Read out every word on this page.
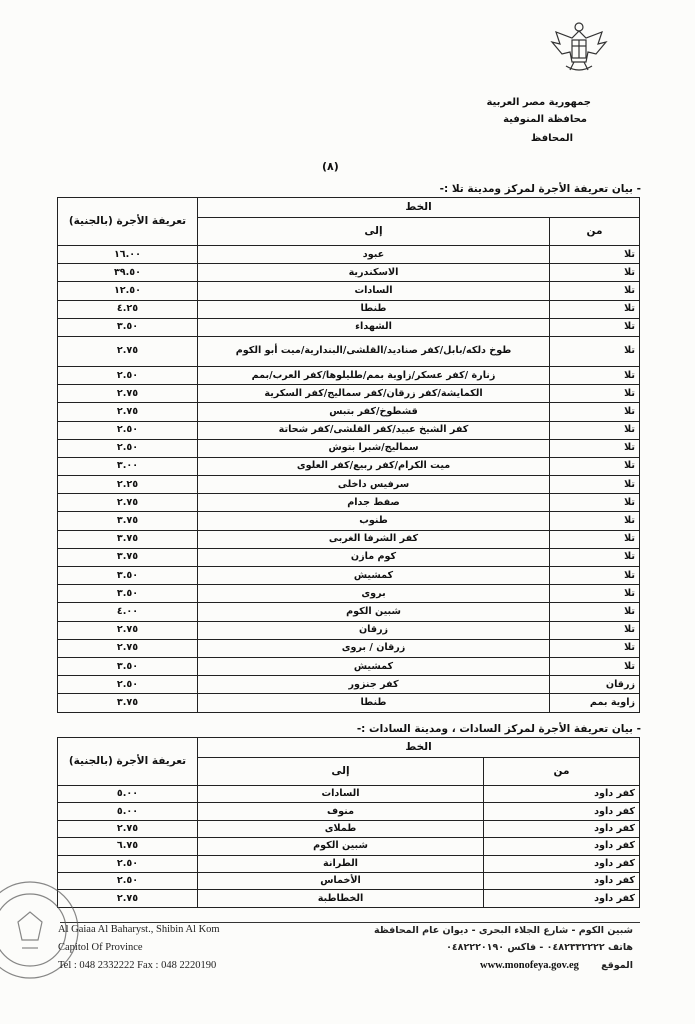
جمهورية مصر العربية
محافظة المنوفية
المحافظ
(٨)
- بيان تعريفة الأجرة لمركز ومدينة تلا :-
الخط		تعريفة الأجرة (بالجنية)
من	إلى	
تلا	عبود	١٦.٠٠
تلا	الاسكندرية	٣٩.٥٠
تلا	السادات	١٢.٥٠
تلا	طنطا	٤.٢٥
تلا	الشهداء	٣.٥٠
تلا	طوخ دلكه/بابل/كفر صناديد/القلشى/البندارية/ميت أبو الكوم	٢.٧٥
تلا	زنارة /كفر عسكر/زاوية بمم/طليلوها/كفر العرب/بمم	٢.٥٠
تلا	الكمايشة/كفر زرقان/كفر سماليج/كفر السكرية	٢.٧٥
تلا	قشطوخ/كفر بتبس	٢.٧٥
تلا	كفر الشيخ عبيد/كفر القلشى/كفر شحاتة	٢.٥٠
تلا	سماليج/شبرا بتوش	٢.٥٠
تلا	ميت الكرام/كفر ربيع/كفر العلوى	٣.٠٠
تلا	سرفيس داخلى	٢.٢٥
تلا	صفط جدام	٢.٧٥
تلا	طنوب	٣.٧٥
تلا	كفر الشرفا الغربى	٣.٧٥
تلا	كوم مازن	٣.٧٥
تلا	كمشيش	٣.٥٠
تلا	بروى	٣.٥٠
تلا	شبين الكوم	٤.٠٠
تلا	زرقان	٢.٧٥
تلا	زرقان / بروى	٢.٧٥
تلا	كمشيش	٣.٥٠
زرقان	كفر جنزور	٢.٥٠
زاوية بمم	طنطا	٣.٧٥
- بيان تعريفة الأجرة لمركز السادات ، ومدينة السادات :-
الخط		تعريفة الأجرة (بالجنية)
من	إلى	
كفر داود	السادات	٥.٠٠
كفر داود	منوف	٥.٠٠
كفر داود	طملاى	٢.٧٥
كفر داود	شبين الكوم	٦.٧٥
كفر داود	الطرانة	٢.٥٠
كفر داود	الأخماس	٢.٥٠
كفر داود	الخطاطبة	٢.٧٥
Al Gaiaa Al Baharyst., Shibin Al Kom
Capitol Of Province
Tel : 048 2332222 Fax : 048 2220190
شبين الكوم - شارع الجلاء البحرى - ديوان عام المحافظة
هاتف ٠٤٨٢٣٣٢٢٢٢ - فاكس ٠٤٨٢٢٢٠١٩٠
الموقع
www.monofeya.gov.eg
